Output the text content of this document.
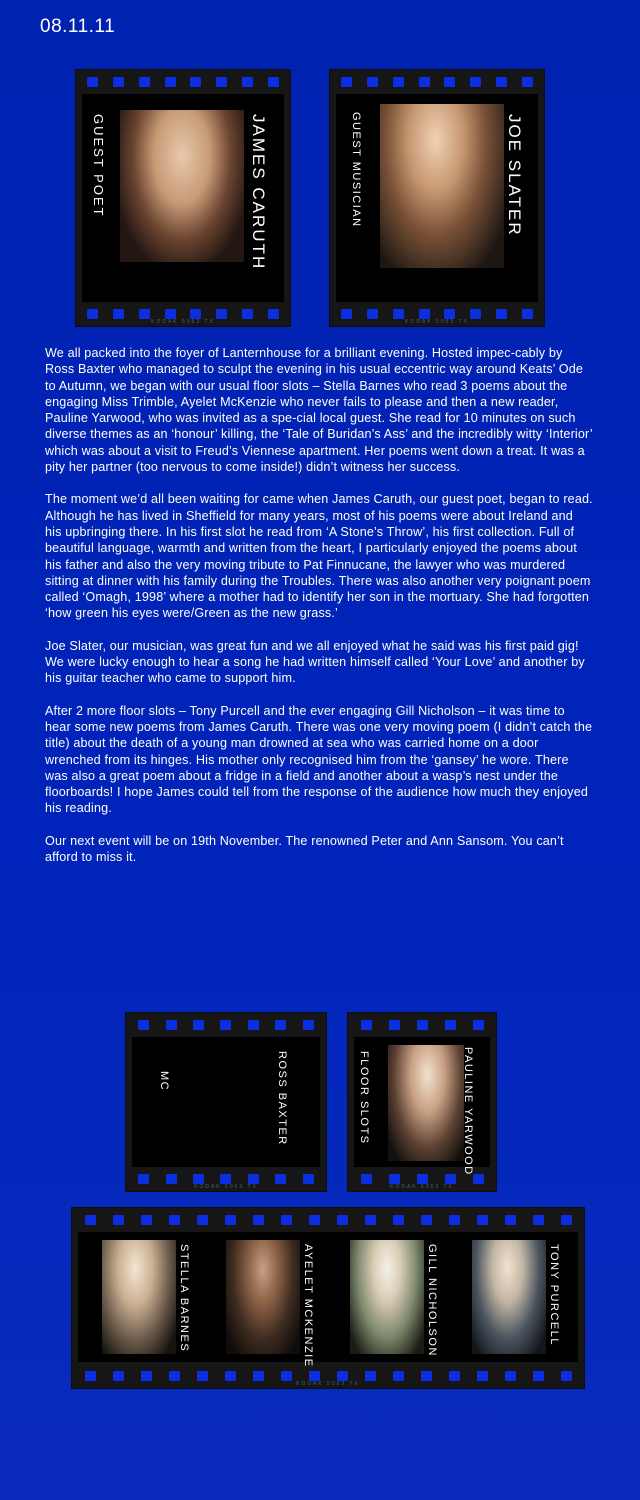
08.11.11
GUEST POET	JAMES CARUTH
KODAK 5063 TX
GUEST MUSICIAN	JOE SLATER
KODAK 5063 TX

We all packed into the foyer of Lanternhouse for a brilliant evening. Hosted impec-cably by Ross Baxter who managed to sculpt the evening in his usual eccentric way around Keats’ Ode to Autumn, we began with our usual floor slots – Stella Barnes who read 3 poems about the engaging Miss Trimble, Ayelet McKenzie who never fails to please and then a new reader, Pauline Yarwood, who was invited as a spe-cial local guest. She read for 10 minutes on such diverse themes as an ‘honour’ killing, the ‘Tale of Buridan’s Ass’ and the incredibly witty ‘Interior’ which was about a visit to Freud’s Viennese apartment. Her poems went down a treat. It was a pity her partner (too nervous to come inside!) didn’t witness her success.

The moment we’d all been waiting for came when James Caruth, our guest poet, began to read. Although he has lived in Sheffield for many years, most of his poems were about Ireland and his upbringing there. In his first slot he read from ‘A Stone’s Throw’, his first collection. Full of beautiful language, warmth and written from the heart, I particularly enjoyed the poems about his father and also the very moving tribute to Pat Finnucane, the lawyer who was murdered sitting at dinner with his family during the Troubles. There was also another very poignant poem called ‘Omagh, 1998’ where a mother had to identify her son in the mortuary. She had forgotten ‘how green his eyes were/Green as the new grass.’

Joe Slater, our musician, was great fun and we all enjoyed what he said was his first paid gig!

We were lucky enough to hear a song he had written himself called ‘Your Love’ and another by his guitar teacher who came to support him.

After 2 more floor slots – Tony Purcell and the ever engaging Gill Nicholson – it was time to hear some new poems from James Caruth. There was one very moving poem (I didn’t catch the title) about the death of a young man drowned at sea who was carried home on a door wrenched from its hinges. His mother only recognised him from the ‘gansey’ he wore. There was also a great poem about a fridge in a field and another about a wasp’s nest under the floorboards! I hope James could tell from the response of the audience how much they enjoyed his reading.

Our next event will be on 19th November. The renowned Peter and Ann Sansom. You can’t afford to miss it.

MC	ROSS BAXTER
KODAK 5063 TX
FLOOR SLOTS	PAULINE YARWOOD
KODAK 5063 TX
STELLA BARNES	AYELET MCKENZIE	GILL NICHOLSON	TONY PURCELL
KODAK 5063 TX
